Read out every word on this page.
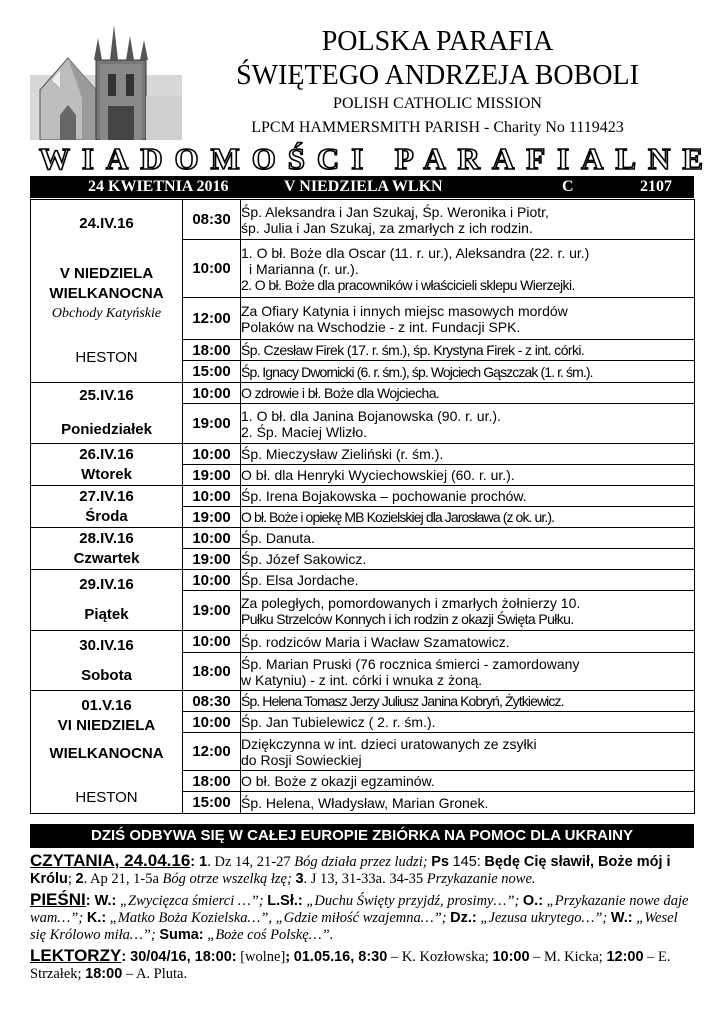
POLSKA PARAFIA
ŚWIĘTEGO ANDRZEJA BOBOLI
POLISH CATHOLIC MISSION
LPCM HAMMERSMITH PARISH - Charity No 1119423
WIADOMOŚCI PARAFIALNE
24 KWIETNIA 2016	V NIEDZIELA WLKN	C	2107
24.IV.16
V NIEDZIELA
WIELKANOCNA
Obchody Katyńskie
HESTON	08:30	Śp. Aleksandra i Jan Szukaj, Śp. Weronika i Piotr,
śp. Julia i Jan Szukaj, za zmarłych z ich rodzin.

	10:00	1. O bł. Boże dla Oscar (11. r. ur.), Aleksandra (22. r. ur.)
i Marianna (r. ur.).
2. O bł. Boże dla pracowników i właścicieli sklepu Wierzejki.

	12:00	Za Ofiary Katynia i innych miejsc masowych mordów
Polaków na Wschodzie - z int. Fundacji SPK.

	18:00	Śp. Czesław Firek (17. r. śm.), śp. Krystyna Firek - z int. córki.
	15:00	Śp. Ignacy Dwornicki (6. r. śm.), śp. Wojciech Gąszczak (1. r. śm.).

25.IV.16
Poniedziałek	10:00	O zdrowie i bł. Boże dla Wojciecha.
	19:00	1. O bł. dla Janina Bojanowska (90. r. ur.).
2. Śp. Maciej Wlizło.

26.IV.16
Wtorek	10:00	Śp. Mieczysław Zieliński (r. śm.).
	19:00	O bł. dla Henryki Wyciechowskiej (60. r. ur.).

27.IV.16
Środa	10:00	Śp. Irena Bojakowska – pochowanie prochów.
	19:00	O bł. Boże i opiekę MB Kozielskiej dla Jarosława (z ok. ur.).

28.IV.16
Czwartek	10:00	Śp. Danuta.
	19:00	Śp. Józef Sakowicz.

29.IV.16
Piątek	10:00	Śp. Elsa Jordache.
	19:00	Za poległych, pomordowanych i zmarłych żołnierzy 10.
Pułku Strzelców Konnych i ich rodzin z okazji Święta Pułku.

30.IV.16
Sobota	10:00	Śp. rodziców Maria i Wacław Szamatowicz.
	18:00	Śp. Marian Pruski (76 rocznica śmierci - zamordowany
w Katyniu) - z int. córki i wnuka z żoną.

01.V.16
VI NIEDZIELA
WIELKANOCNA
HESTON	08:30	Śp. Helena Tomasz Jerzy Juliusz Janina Kobryń, Żytkiewicz.
	10:00	Śp. Jan Tubielewicz ( 2. r. śm.).
	12:00	Dziękczynna w int. dzieci uratowanych ze zsyłki
do Rosji Sowieckiej

	18:00	O bł. Boże z okazji egzaminów.
	15:00	Śp. Helena, Władysław, Marian Gronek.
DZIŚ ODBYWA SIĘ W CAŁEJ EUROPIE ZBIÓRKA NA POMOC DLA UKRAINY

CZYTANIA, 24.04.16: 1. Dz 14, 21-27 Bóg działa przez ludzi; Ps 145: Będę Cię sławił, Boże mój i Królu; 2. Ap 21, 1-5a Bóg otrze wszelką łzę; 3. J 13, 31-33a. 34-35 Przykazanie nowe.

PIEŚNI: W.: „Zwycięzca śmierci …”; L.Sł.: „Duchu Święty przyjdź, prosimy…”; O.: „Przykazanie nowe daje wam…”; K.: „Matko Boża Kozielska…”, „Gdzie miłość wzajemna…”; Dz.: „Jezusa ukrytego…”; W.: „Wesel się Królowo miła…”; Suma: „Boże coś Polskę…”.

LEKTORZY: 30/04/16, 18:00: [wolne]; 01.05.16, 8:30 – K. Kozłowska; 10:00 – M. Kicka; 12:00 – E. Strzałek; 18:00 – A. Pluta.
